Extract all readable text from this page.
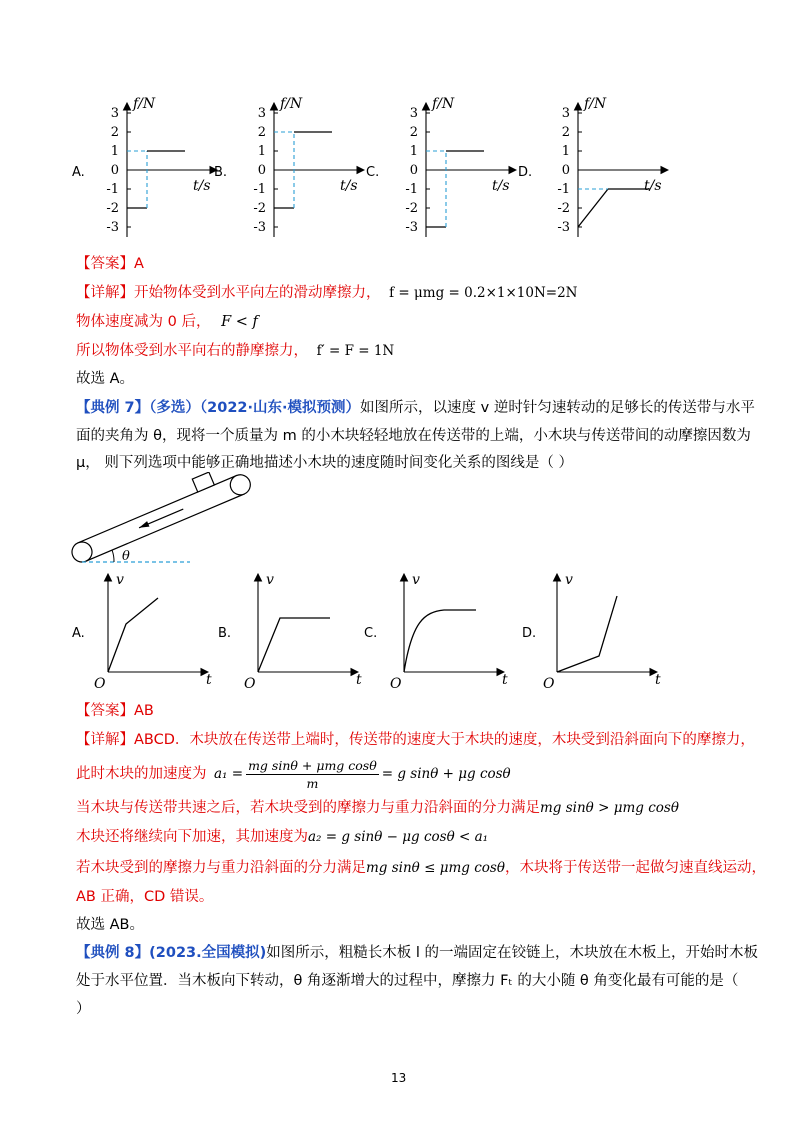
3
2
1
0
-1
-2
-3
f/N
t/s
3
2
1
0
-1
-2
-3
f/N
t/s
3
2
1
0
-1
-2
-3
f/N
t/s
3
2
1
0
-1
-2
-3
f/N
t/s
A.	B.	C.	D.
【答案】A
【详解】开始物体受到水平向左的滑动摩擦力， f = μmg = 0.2×1×10N=2N
物体速度减为 0 后， F < f
所以物体受到水平向右的静摩擦力， f′ = F = 1N
故选 A。
【典例 7】（多选）（2022·山东·模拟预测）如图所示，以速度 v 逆时针匀速转动的足够长的传送带与水平
面的夹角为 θ，现将一个质量为 m 的小木块轻轻地放在传送带的上端，小木块与传送带间的动摩擦因数为
μ， 则下列选项中能够正确地描述小木块的速度随时间变化关系的图线是（ ）
θ
v
t
O
v
t
O
v
t
O
v
t
O
A.	B.	C.	D.
【答案】AB
【详解】ABCD．木块放在传送带上端时，传送带的速度大于木块的速度，木块受到沿斜面向下的摩擦力，
此时木块的加速度为 a₁ =
mg sinθ + μmg cosθ
m
= g sinθ + μg cosθ
当木块与传送带共速之后，若木块受到的摩擦力与重力沿斜面的分力满足mg sinθ > μmg cosθ
木块还将继续向下加速，其加速度为a₂ = g sinθ − μg cosθ < a₁
若木块受到的摩擦力与重力沿斜面的分力满足mg sinθ ≤ μmg cosθ，木块将于传送带一起做匀速直线运动，
AB 正确，CD 错误。
故选 AB。
【典例 8】(2023.全国模拟)如图所示，粗糙长木板 l 的一端固定在铰链上，木块放在木板上，开始时木板
处于水平位置．当木板向下转动，θ 角逐渐增大的过程中，摩擦力 Fₜ 的大小随 θ 角变化最有可能的是（
）
13
